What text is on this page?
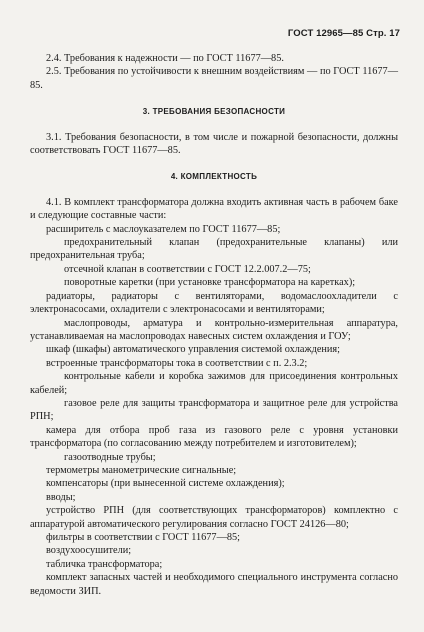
ГОСТ 12965—85 Стр. 17

2.4. Требования к надежности — по ГОСТ 11677—85.

2.5. Требования по устойчивости к внешним воздействиям — по ГОСТ 11677—85.

3. ТРЕБОВАНИЯ БЕЗОПАСНОСТИ

3.1. Требования безопасности, в том числе и пожарной безопасности, должны соответствовать ГОСТ 11677—85.

4. КОМПЛЕКТНОСТЬ

4.1. В комплект трансформатора должна входить активная часть в рабочем баке и следующие составные части:

расширитель с маслоуказателем по ГОСТ 11677—85;

предохранительный клапан (предохранительные клапаны) или предохранительная труба;

отсечной клапан в соответствии с ГОСТ 12.2.007.2—75;

поворотные каретки (при установке трансформатора на каретках);

радиаторы, радиаторы с вентиляторами, водомаслоохладители с электронасосами, охладители с электронасосами и вентиляторами;

маслопроводы, арматура и контрольно-измерительная аппаратура, устанавливаемая на маслопроводах навесных систем охлаждения и ГОУ;

шкаф (шкафы) автоматического управления системой охлаждения;

встроенные трансформаторы тока в соответствии с п. 2.3.2;

контрольные кабели и коробка зажимов для присоединения контрольных кабелей;

газовое реле для защиты трансформатора и защитное реле для устройства РПН;

камера для отбора проб газа из газового реле с уровня установки трансформатора (по согласованию между потребителем и изготовителем);

газоотводные трубы;

термометры манометрические сигнальные;

компенсаторы (при вынесенной системе охлаждения);

вводы;

устройство РПН (для соответствующих трансформаторов) комплектно с аппаратурой автоматического регулирования согласно ГОСТ 24126—80;

фильтры в соответствии с ГОСТ 11677—85;

воздухоосушители;

табличка трансформатора;

комплект запасных частей и необходимого специального инструмента согласно ведомости ЗИП.
